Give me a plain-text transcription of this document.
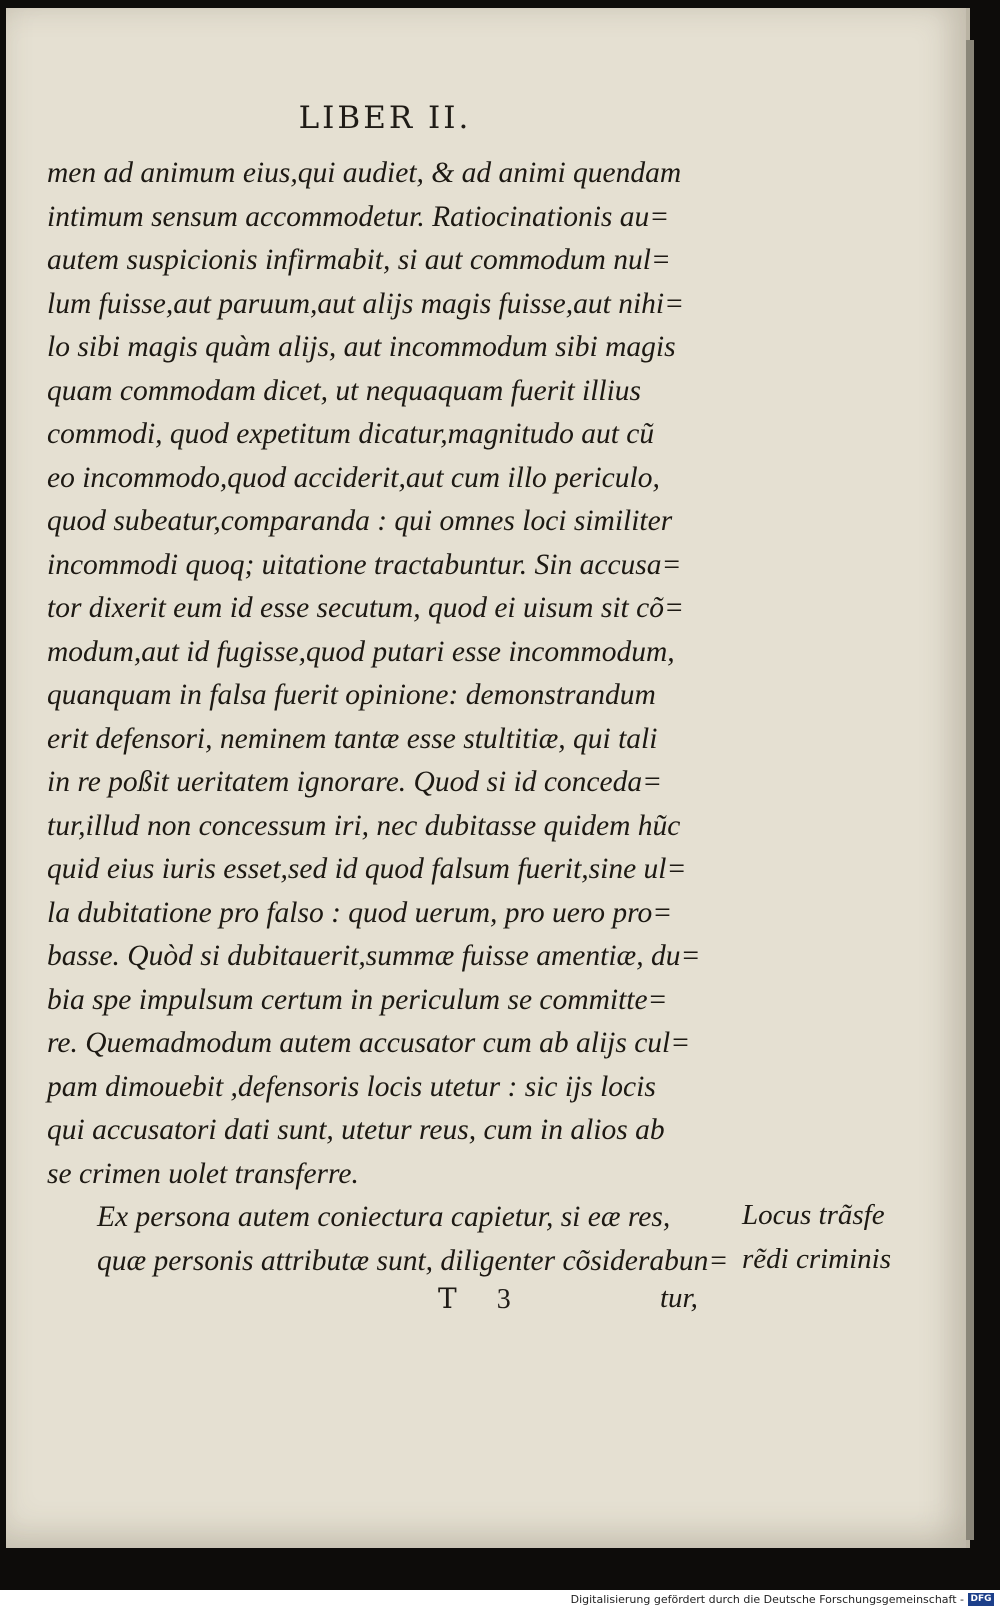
LIBER II.
men ad animum eius,qui audiet, & ad animi quendam
intimum sensum accommodetur. Ratiocinationis au=
autem suspicionis infirmabit, si aut commodum nul=
lum fuisse,aut paruum,aut alijs magis fuisse,aut nihi=
lo sibi magis quàm alijs, aut incommodum sibi magis
quam commodam dicet, ut nequaquam fuerit illius
commodi, quod expetitum dicatur,magnitudo aut cũ
eo incommodo,quod acciderit,aut cum illo periculo,
quod subeatur,comparanda : qui omnes loci similiter
incommodi quoq; uitatione tractabuntur. Sin accusa=
tor dixerit eum id esse secutum, quod ei uisum sit cõ=
modum,aut id fugisse,quod putari esse incommodum,
quanquam in falsa fuerit opinione: demonstrandum
erit defensori, neminem tantæ esse stultitiæ, qui tali
in re poßit ueritatem ignorare. Quod si id conceda=
tur,illud non concessum iri, nec dubitasse quidem hũc
quid eius iuris esset,sed id quod falsum fuerit,sine ul=
la dubitatione pro falso : quod uerum, pro uero pro=
basse. Quòd si dubitauerit,summæ fuisse amentiæ, du=
bia spe impulsum certum in periculum se committe=
re. Quemadmodum autem accusator cum ab alijs cul=
pam dimouebit ,defensoris locis utetur : sic ijs locis
qui accusatori dati sunt, utetur reus, cum in alios ab
se crimen uolet transferre.
Ex persona autem coniectura capietur, si eæ res,
quæ personis attributæ sunt, diligenter cõsiderabun=
Locus trãsfe
rẽdi criminis
T 3	tur,
Digitalisierung gefördert durch die Deutsche Forschungsgemeinschaft - DFG
